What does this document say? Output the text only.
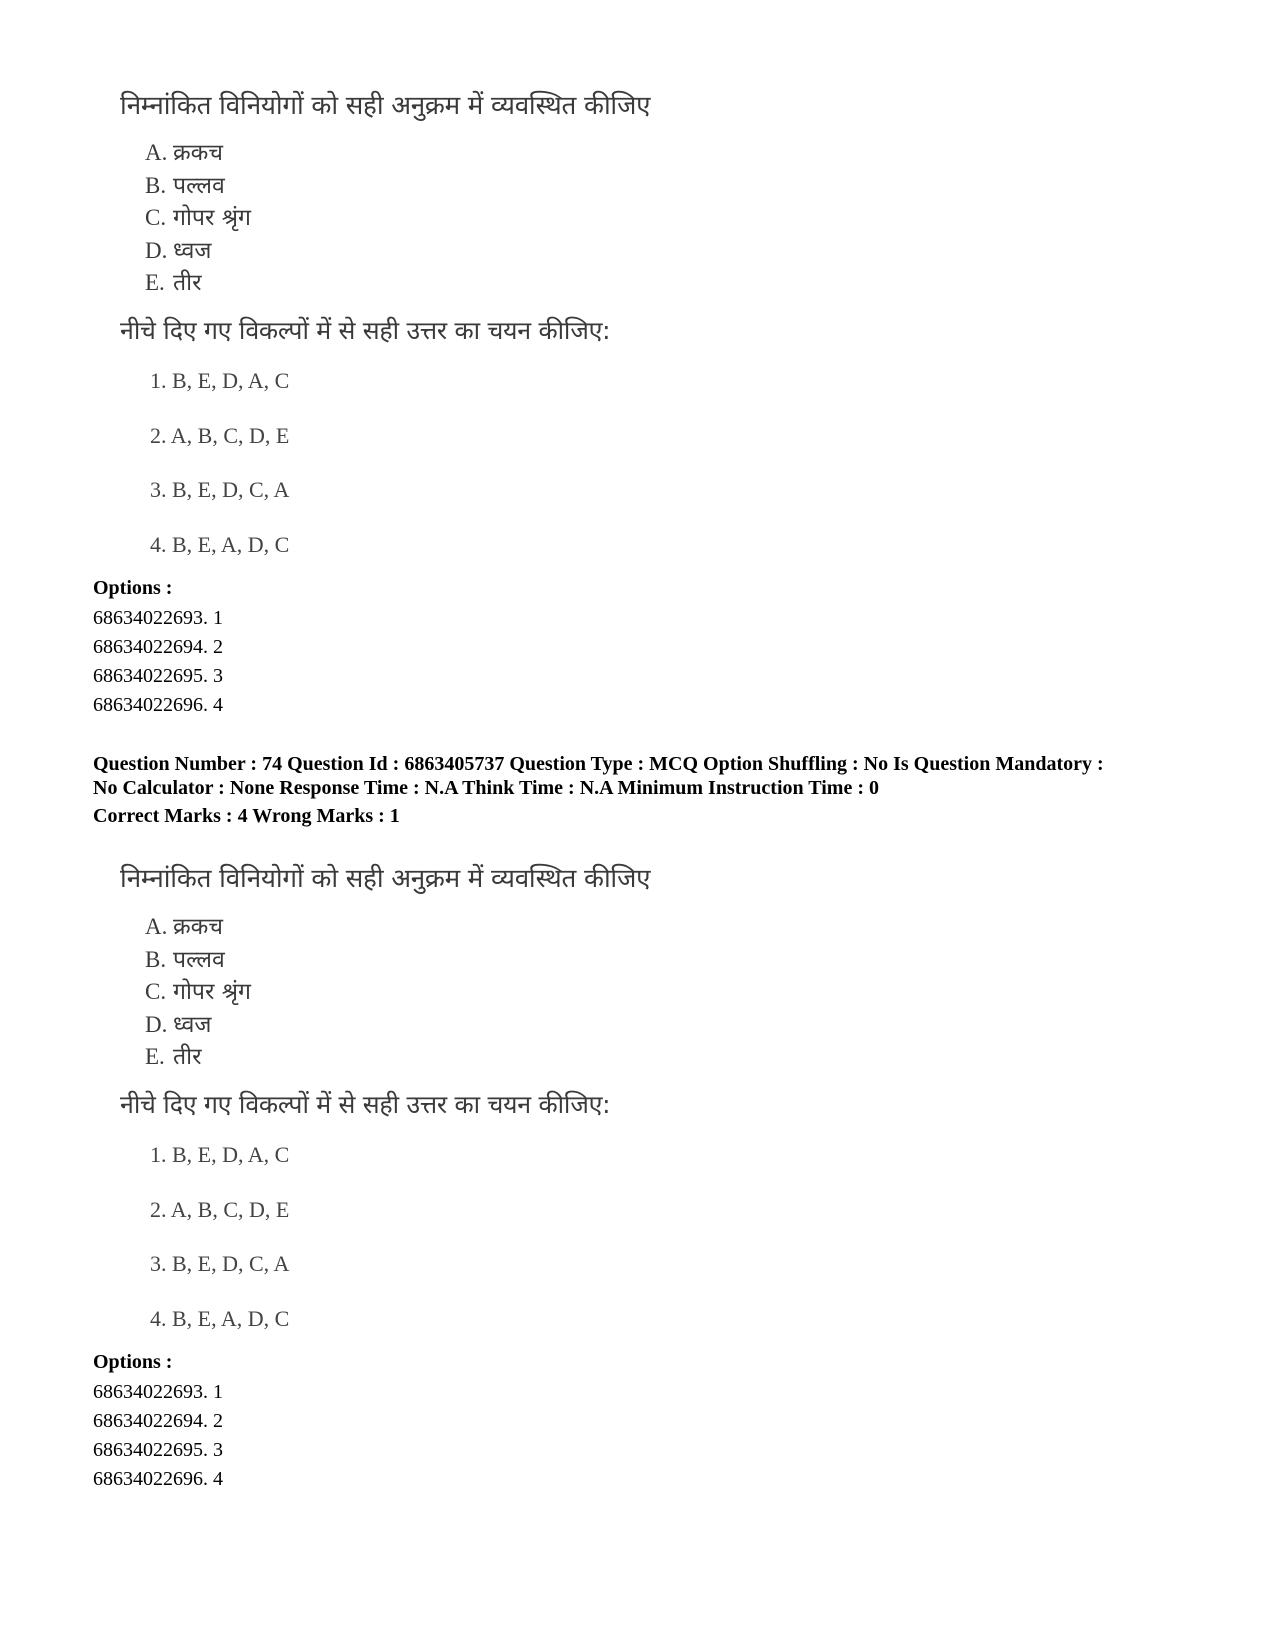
निम्नांकित विनियोगों को सही अनुक्रम में व्यवस्थित कीजिए
A. क्रकच
B. पल्लव
C. गोपर श्रृंग
D. ध्वज
E. तीर
नीचे दिए गए विकल्पों में से सही उत्तर का चयन कीजिए:
1. B, E, D, A, C
2. A, B, C, D, E
3. B, E, D, C, A
4. B, E, A, D, C
Options :
68634022693. 1
68634022694. 2
68634022695. 3
68634022696. 4
Question Number : 74 Question Id : 6863405737 Question Type : MCQ Option Shuffling : No Is Question Mandatory :
No Calculator : None Response Time : N.A Think Time : N.A Minimum Instruction Time : 0
Correct Marks : 4 Wrong Marks : 1
निम्नांकित विनियोगों को सही अनुक्रम में व्यवस्थित कीजिए
A. क्रकच
B. पल्लव
C. गोपर श्रृंग
D. ध्वज
E. तीर
नीचे दिए गए विकल्पों में से सही उत्तर का चयन कीजिए:
1. B, E, D, A, C
2. A, B, C, D, E
3. B, E, D, C, A
4. B, E, A, D, C
Options :
68634022693. 1
68634022694. 2
68634022695. 3
68634022696. 4
